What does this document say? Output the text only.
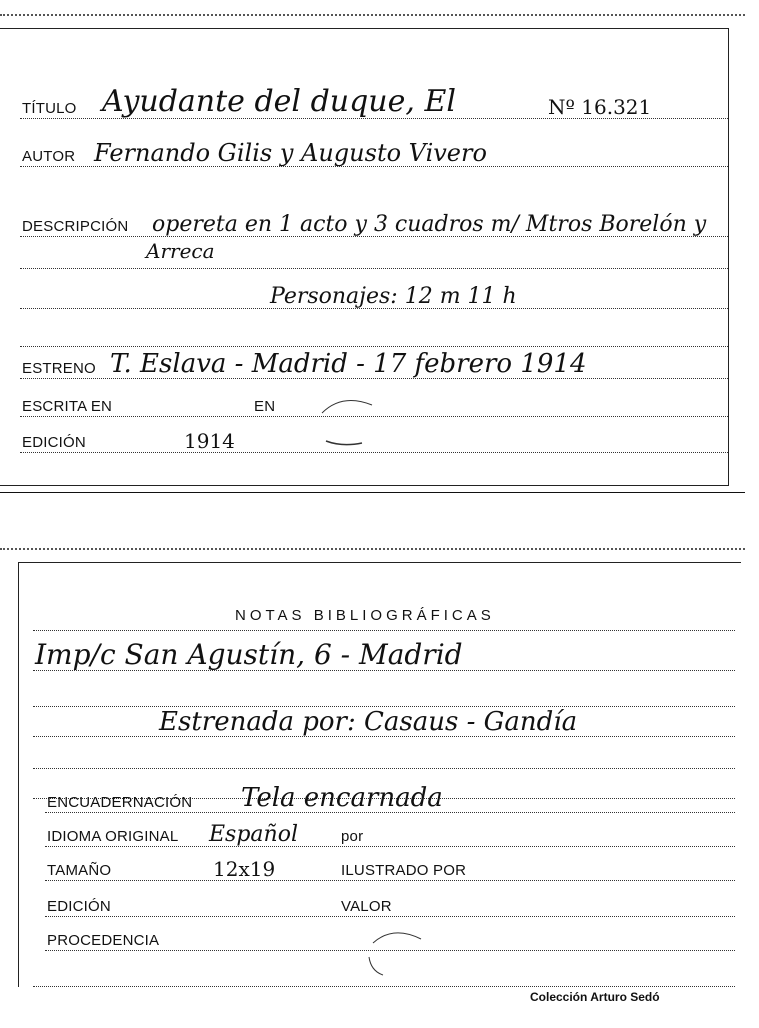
TÍTULO Ayudante del duque, El	Nº 16.321
AUTOR Fernando Gilis y Augusto Vivero
DESCRIPCIÓN opereta en 1 acto y 3 cuadros m/ Mtros Borelón y
Arreca
Personajes: 12 m 11 h
ESTRENO T. Eslava - Madrid - 17 febrero 1914
ESCRITA EN	EN
EDICIÓN	1914
NOTAS BIBLIOGRÁFICAS
Imp/c San Agustín, 6 - Madrid
Estrenada por: Casaus - Gandía
ENCUADERNACIÓN Tela encarnada
IDIOMA ORIGINAL Español	por
TAMAÑO	12x19	ILUSTRADO POR
EDICIÓN	VALOR
PROCEDENCIA
Colección Arturo Sedó
